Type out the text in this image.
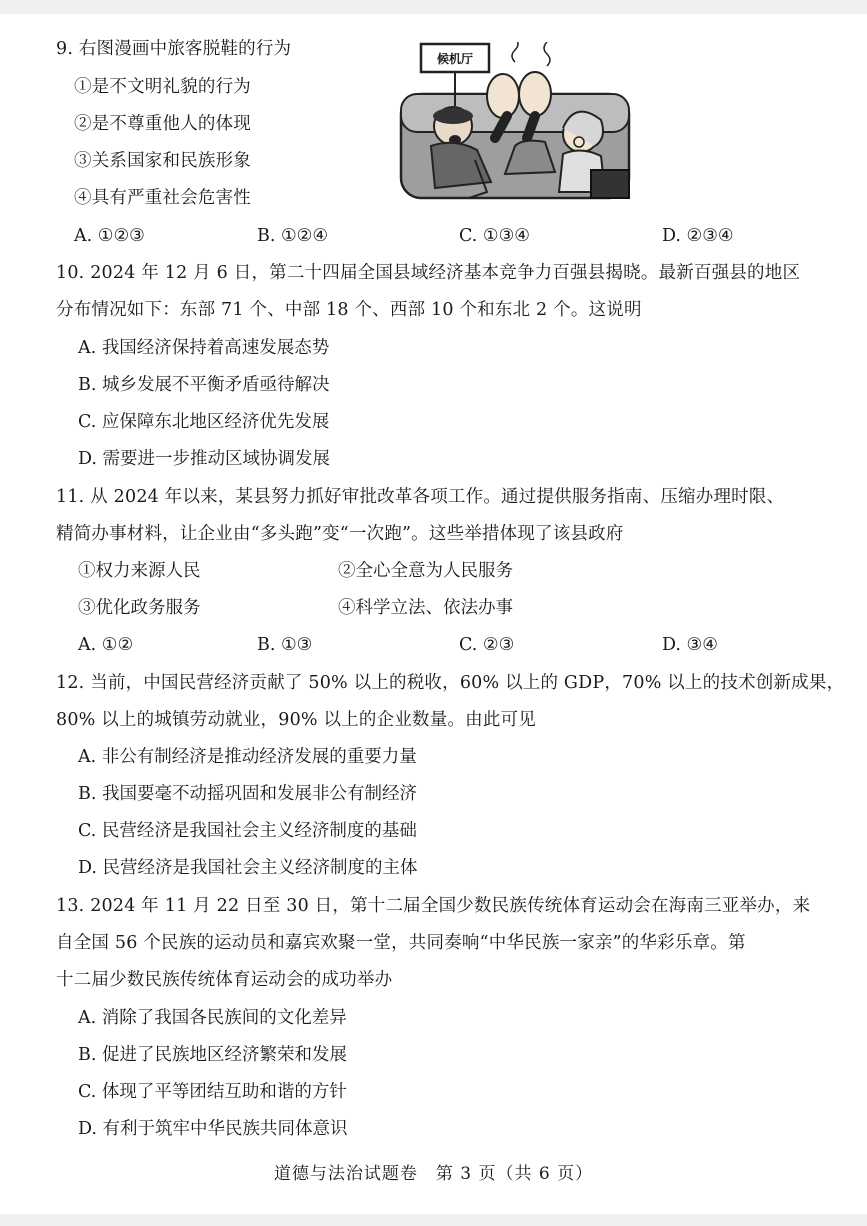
9. 右图漫画中旅客脱鞋的行为
①是不文明礼貌的行为
②是不尊重他人的体现
③关系国家和民族形象
④具有严重社会危害性
候机厅
A. ①②③	B. ①②④	C. ①③④	D. ②③④
10. 2024 年 12 月 6 日，第二十四届全国县域经济基本竞争力百强县揭晓。最新百强县的地区
分布情况如下：东部 71 个、中部 18 个、西部 10 个和东北 2 个。这说明
A. 我国经济保持着高速发展态势
B. 城乡发展不平衡矛盾亟待解决
C. 应保障东北地区经济优先发展
D. 需要进一步推动区域协调发展
11. 从 2024 年以来，某县努力抓好审批改革各项工作。通过提供服务指南、压缩办理时限、
精简办事材料，让企业由“多头跑”变“一次跑”。这些举措体现了该县政府
①权力来源人民	②全心全意为人民服务
③优化政务服务	④科学立法、依法办事
A. ①②	B. ①③	C. ②③	D. ③④
12. 当前，中国民营经济贡献了 50% 以上的税收，60% 以上的 GDP，70% 以上的技术创新成果，
80% 以上的城镇劳动就业，90% 以上的企业数量。由此可见
A. 非公有制经济是推动经济发展的重要力量
B. 我国要毫不动摇巩固和发展非公有制经济
C. 民营经济是我国社会主义经济制度的基础
D. 民营经济是我国社会主义经济制度的主体
13. 2024 年 11 月 22 日至 30 日，第十二届全国少数民族传统体育运动会在海南三亚举办，来
自全国 56 个民族的运动员和嘉宾欢聚一堂，共同奏响“中华民族一家亲”的华彩乐章。第
十二届少数民族传统体育运动会的成功举办
A. 消除了我国各民族间的文化差异
B. 促进了民族地区经济繁荣和发展
C. 体现了平等团结互助和谐的方针
D. 有利于筑牢中华民族共同体意识
道德与法治试题卷　第 3 页（共 6 页）
